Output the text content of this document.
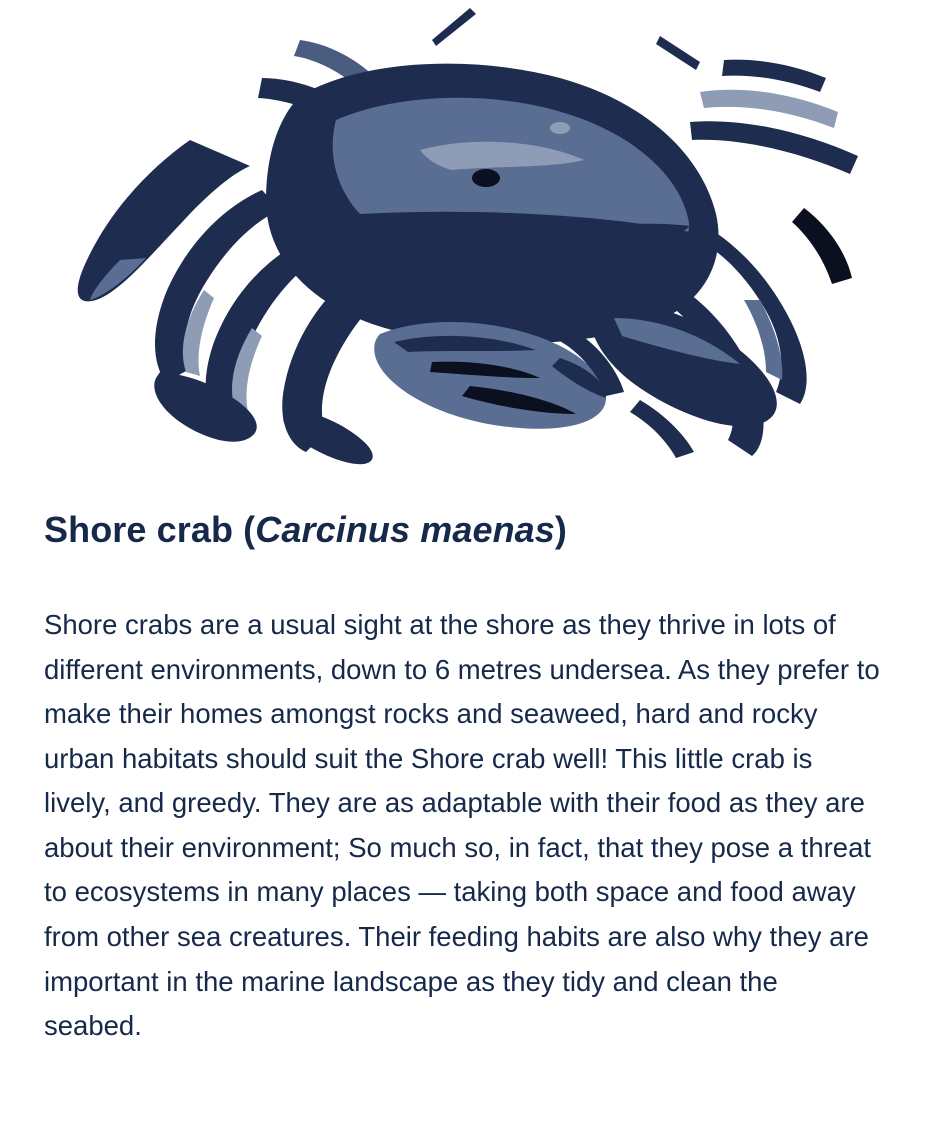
Shore crab (Carcinus maenas)

Shore crabs are a usual sight at the shore as they thrive in lots of different environments, down to 6 metres undersea. As they prefer to make their homes amongst rocks and seaweed, hard and rocky urban habitats should suit the Shore crab well! This little crab is lively, and greedy. They are as adaptable with their food as they are about their environment; So much so, in fact, that they pose a threat to ecosystems in many places — taking both space and food away from other sea creatures. Their feeding habits are also why they are important in the marine landscape as they tidy and clean the seabed.
